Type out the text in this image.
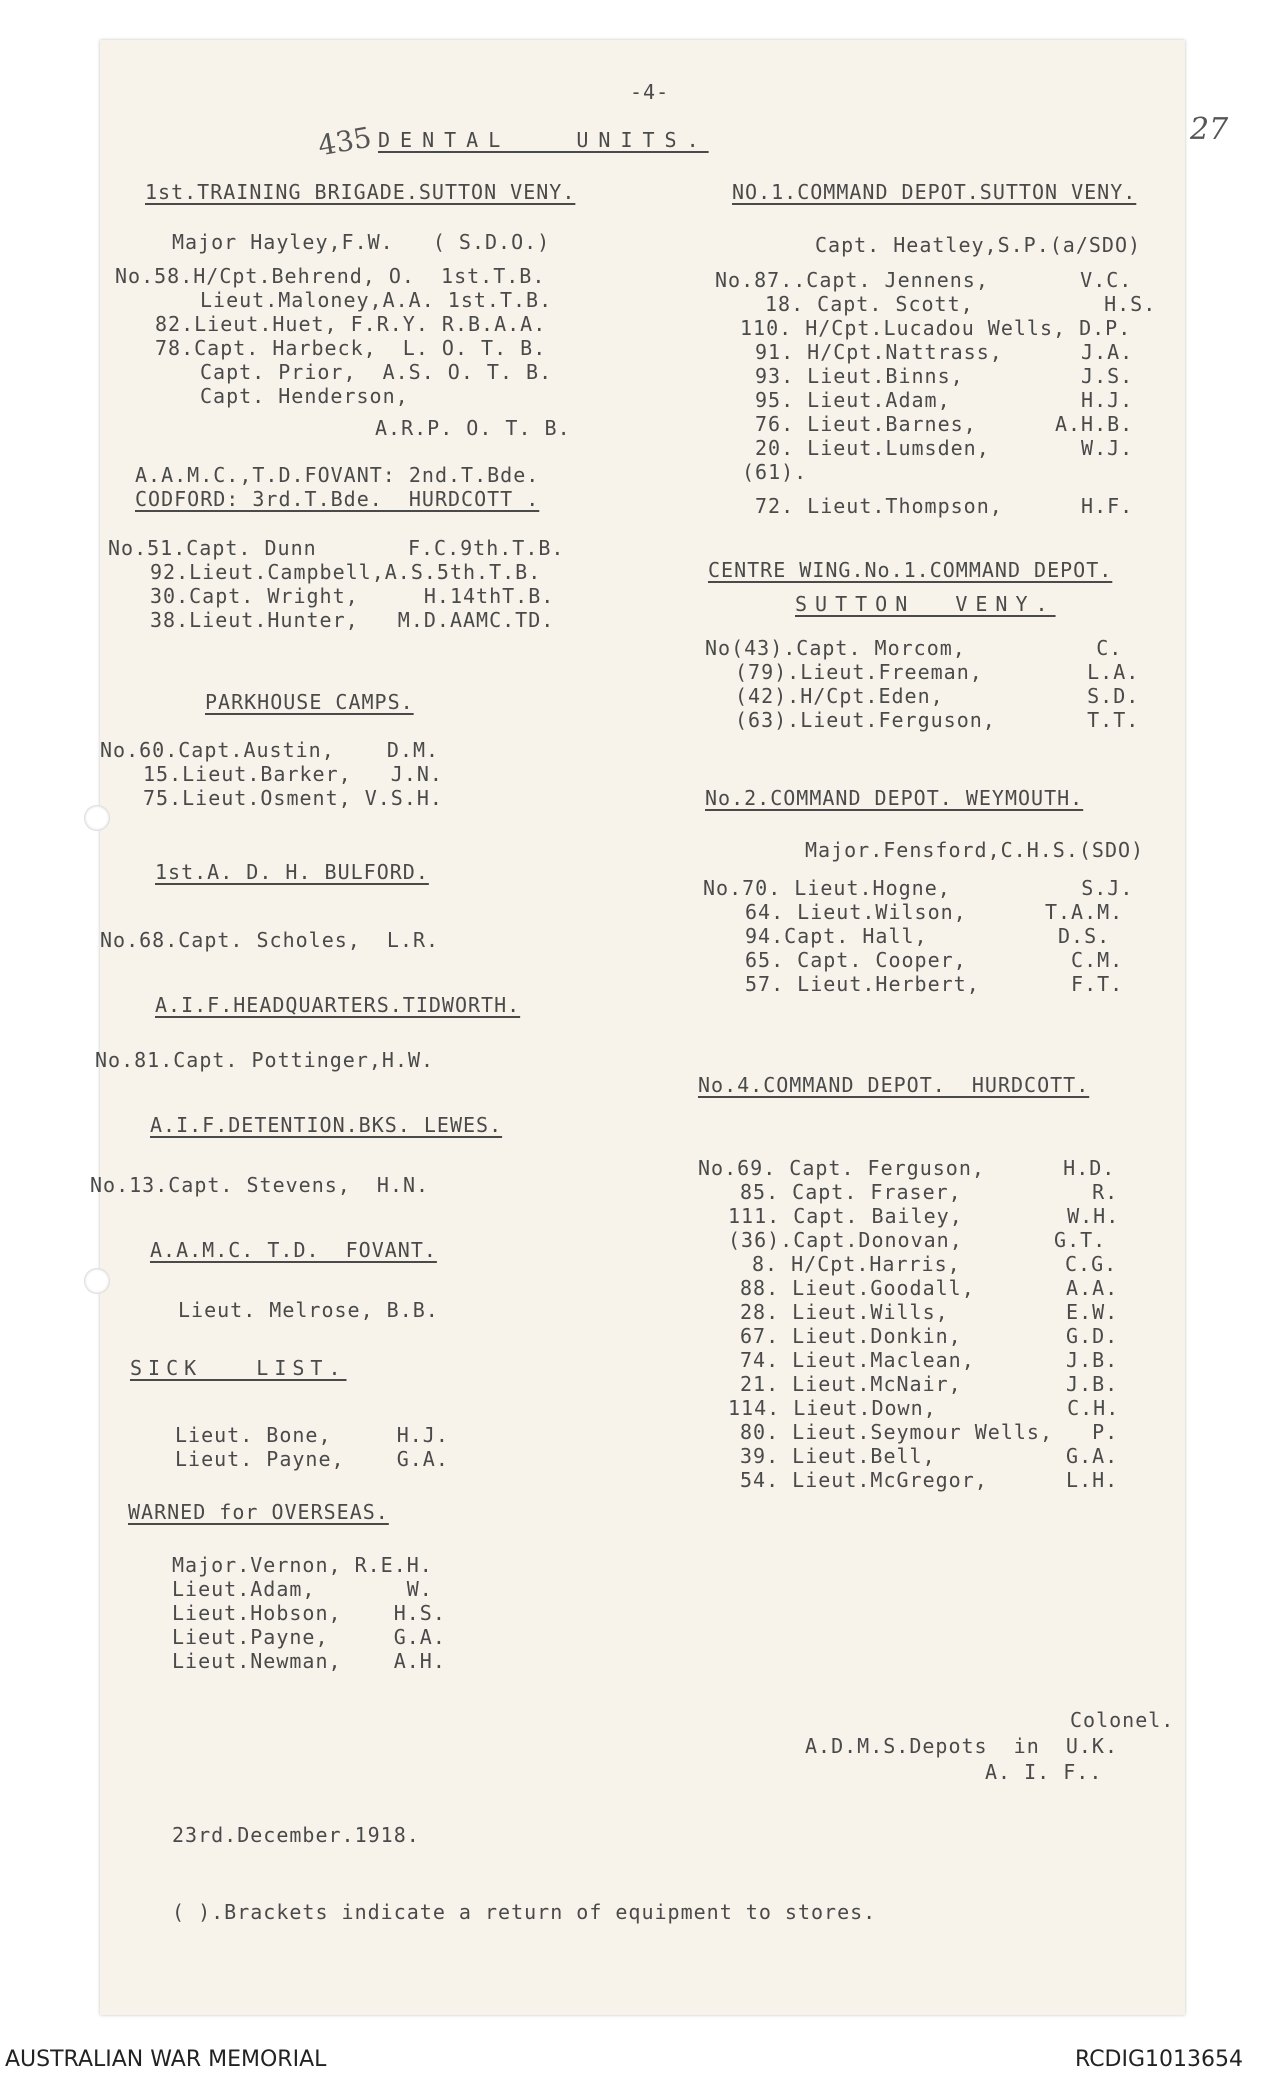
-4-
435	27
DENTAL   UNITS.
1st.TRAINING BRIGADE.SUTTON VENY.
Major Hayley,F.W.   ( S.D.O.)
No.58.H/Cpt.Behrend, O.  1st.T.B.
Lieut.Maloney,A.A. 1st.T.B.
82.Lieut.Huet, F.R.Y. R.B.A.A.
78.Capt. Harbeck,  L. O. T. B.
Capt. Prior,  A.S. O. T. B.
Capt. Henderson,
A.R.P. O. T. B.
A.A.M.C.,T.D.FOVANT: 2nd.T.Bde.
CODFORD: 3rd.T.Bde.  HURDCOTT .
No.51.Capt. Dunn       F.C.9th.T.B.
92.Lieut.Campbell,A.S.5th.T.B.
30.Capt. Wright,     H.14thT.B.
38.Lieut.Hunter,   M.D.AAMC.TD.
PARKHOUSE CAMPS.
No.60.Capt.Austin,    D.M.
15.Lieut.Barker,   J.N.
75.Lieut.Osment, V.S.H.
1st.A. D. H. BULFORD.
No.68.Capt. Scholes,  L.R.
A.I.F.HEADQUARTERS.TIDWORTH.
No.81.Capt. Pottinger,H.W.
A.I.F.DETENTION.BKS. LEWES.
No.13.Capt. Stevens,  H.N.
A.A.M.C. T.D.  FOVANT.
Lieut. Melrose, B.B.
SICK   LIST.
Lieut. Bone,     H.J.
Lieut. Payne,    G.A.
WARNED for OVERSEAS.
Major.Vernon, R.E.H.
Lieut.Adam,       W.
Lieut.Hobson,    H.S.
Lieut.Payne,     G.A.
Lieut.Newman,    A.H.
23rd.December.1918.
NO.1.COMMAND DEPOT.SUTTON VENY.
Capt. Heatley,S.P.(a/SDO)
No.87..Capt. Jennens,       V.C.
18. Capt. Scott,          H.S.
110. H/Cpt.Lucadou Wells, D.P.
91. H/Cpt.Nattrass,      J.A.
93. Lieut.Binns,         J.S.
95. Lieut.Adam,          H.J.
76. Lieut.Barnes,      A.H.B.
20. Lieut.Lumsden,       W.J.
(61).
72. Lieut.Thompson,      H.F.
CENTRE WING.No.1.COMMAND DEPOT.
SUTTON  VENY.
No(43).Capt. Morcom,          C.
(79).Lieut.Freeman,        L.A.
(42).H/Cpt.Eden,           S.D.
(63).Lieut.Ferguson,       T.T.
No.2.COMMAND DEPOT. WEYMOUTH.
Major.Fensford,C.H.S.(SDO)
No.70. Lieut.Hogne,          S.J.
64. Lieut.Wilson,      T.A.M.
94.Capt. Hall,          D.S.
65. Capt. Cooper,        C.M.
57. Lieut.Herbert,       F.T.
No.4.COMMAND DEPOT.  HURDCOTT.
No.69. Capt. Ferguson,      H.D.
85. Capt. Fraser,          R.
111. Capt. Bailey,        W.H.
(36).Capt.Donovan,       G.T.
8. H/Cpt.Harris,        C.G.
88. Lieut.Goodall,       A.A.
28. Lieut.Wills,         E.W.
67. Lieut.Donkin,        G.D.
74. Lieut.Maclean,       J.B.
21. Lieut.McNair,        J.B.
114. Lieut.Down,          C.H.
80. Lieut.Seymour Wells,   P.
39. Lieut.Bell,          G.A.
54. Lieut.McGregor,      L.H.
Colonel.
A.D.M.S.Depots  in  U.K.
A. I. F..
( ).Brackets indicate a return of equipment to stores.
AUSTRALIAN WAR MEMORIAL	RCDIG1013654
